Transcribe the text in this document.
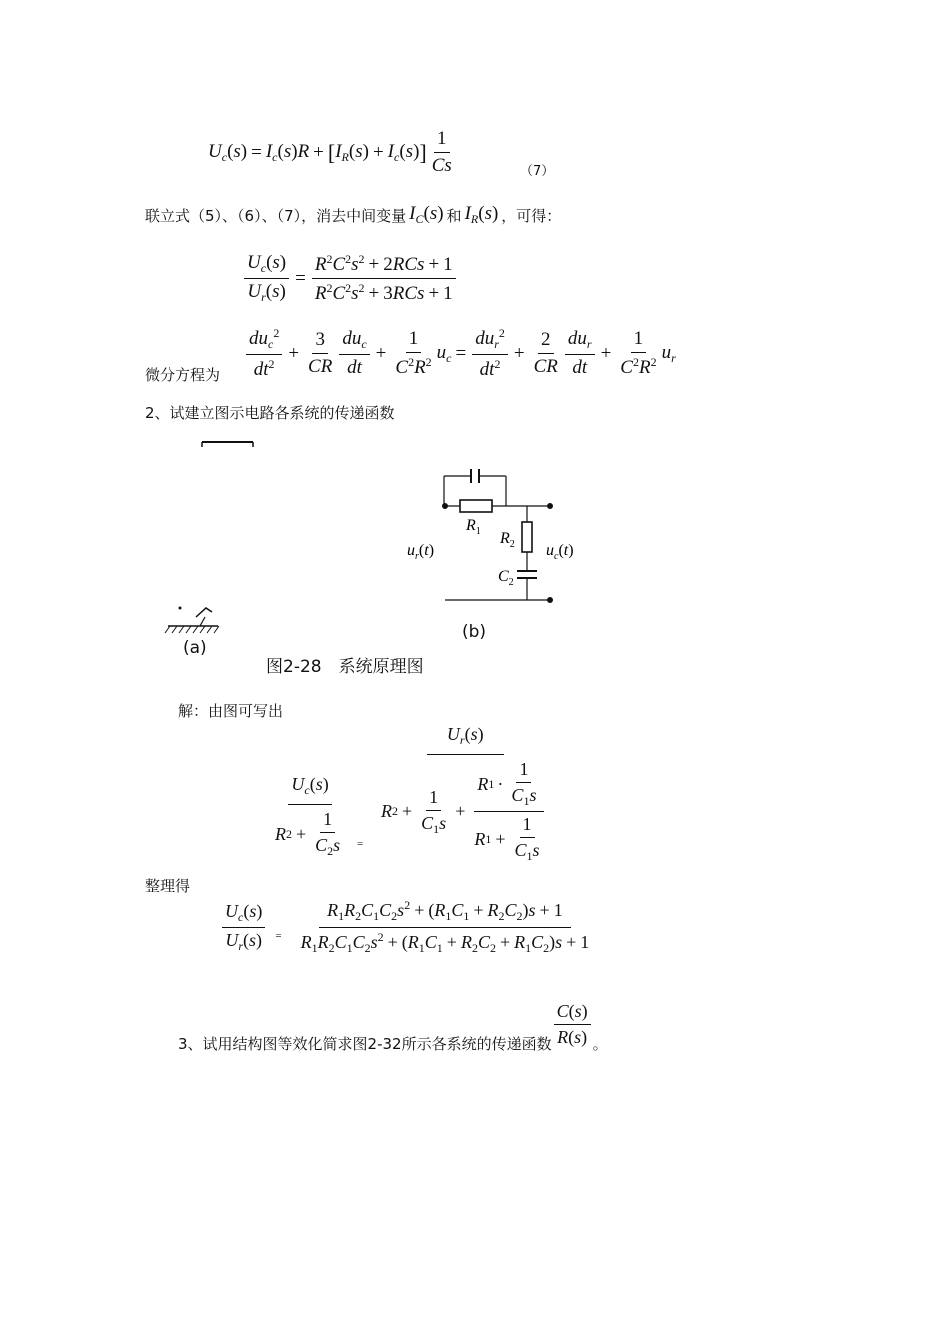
$U_c(s) = I_c(s)R$ + [ $I_R(s) + I_c(s)$ ] $\frac{1}{Cs}$	（7）
联立式（5）、（6）、（7），消去中间变量 $I_C(s)$ 和 $I_R(s)$ ，可得：
$\frac{U_c(s)}{U_r(s)} = \frac{R^2C^2s^2 + 2RCs + 1}{R^2C^2s^2 + 3RCs + 1}$
微分方程为 $\frac{du_c^2}{dt^2} + \frac{3}{CR} \frac{du_c}{dt} + \frac{1}{C^2R^2} u_c = \frac{du_r^2}{dt^2} + \frac{2}{CR} \frac{du_r}{dt} + \frac{1}{C^2R^2} u_r$
2、试建立图示电路各系统的传递函数
(a)
$R_1$ $R_2$
$C_2$
$u_r(t)$	$u_c(t)$
(b)
图2-28　系统原理图
解：由图可写出
$\frac{U_c(s)}{R 2 + \frac{1}{C_2s}}$ =
$U_r(s)$
R $2 + \frac{1}{C_1s} + \frac{R 1 \cdot \frac{1}{C_1s}}{R 1 + \frac{1}{C_1s}}$
整理得
$\frac{U_c(s)}{U_r(s)} = \frac{R_1R_2C_1C_2s^2 + (R_1C_1 + R_2C_2)s + 1}{R_1R_2C_1C_2s^2 + (R_1C_1 + R_2C_2 + R_1C_2)s + 1}$
3、试用结构图等效化简求图2-32所示各系统的传递函数 $\frac{C(s)}{R(s)}$ 。
